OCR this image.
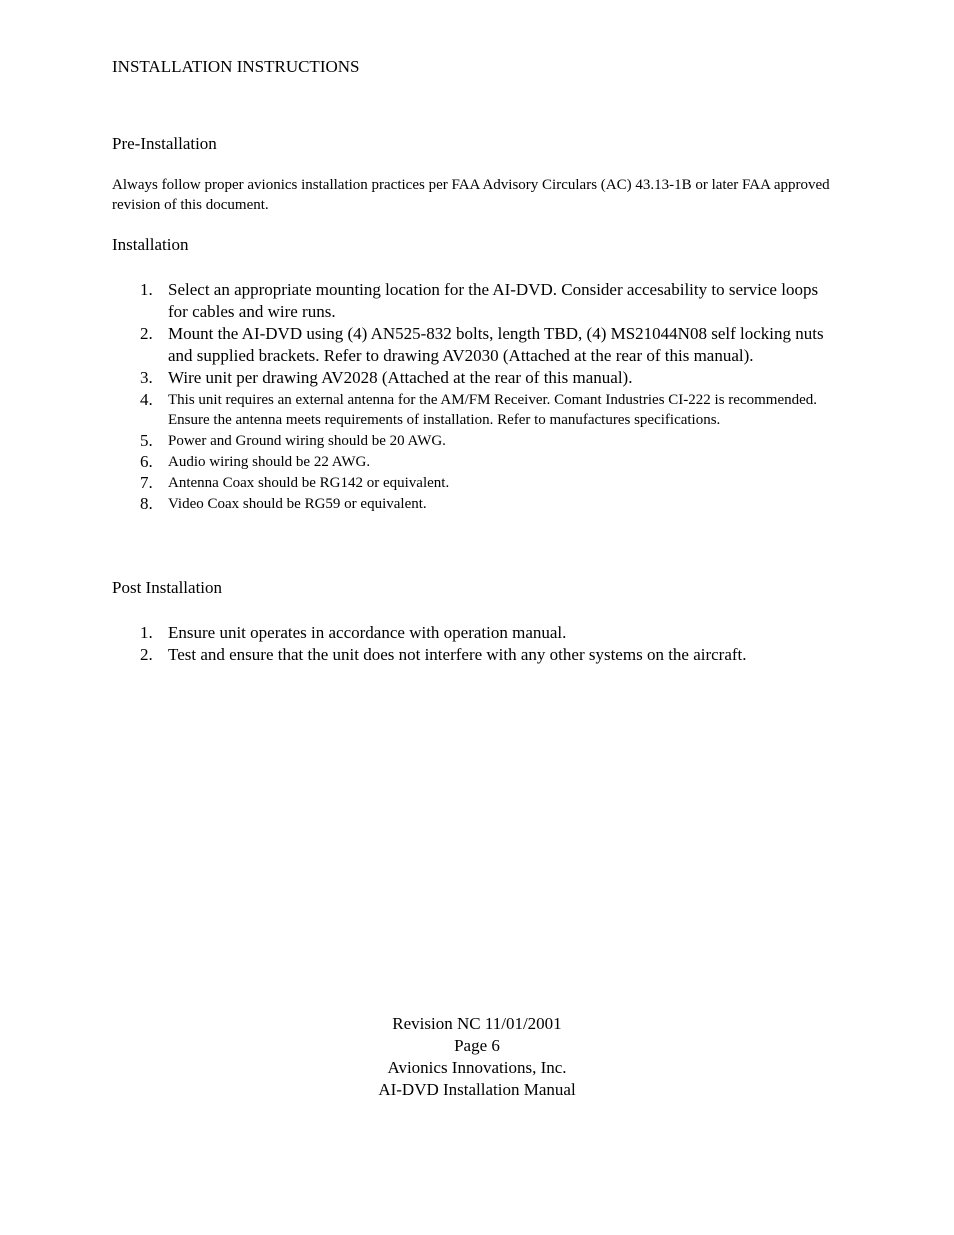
INSTALLATION INSTRUCTIONS
Pre-Installation
Always follow proper avionics installation practices per FAA Advisory Circulars (AC) 43.13-1B or later FAA approved revision of this document.
Installation
1. Select an appropriate mounting location for the AI-DVD. Consider accesability to service loops for cables and wire runs.
2. Mount the AI-DVD using (4) AN525-832 bolts, length TBD, (4) MS21044N08 self locking nuts and supplied brackets. Refer to drawing AV2030 (Attached at the rear of this manual).
3. Wire unit per drawing AV2028 (Attached at the rear of this manual).
4. This unit requires an external antenna for the AM/FM Receiver. Comant Industries CI-222 is recommended. Ensure the antenna meets requirements of installation. Refer to manufactures specifications.
5. Power and Ground wiring should be 20 AWG.
6. Audio wiring should be 22 AWG.
7. Antenna Coax should be RG142 or equivalent.
8. Video Coax should be RG59 or equivalent.
Post Installation
1. Ensure unit operates in accordance with operation manual.
2. Test and ensure that the unit does not interfere with any other systems on the aircraft.
Revision NC 11/01/2001
Page 6
Avionics Innovations, Inc.
AI-DVD Installation Manual
